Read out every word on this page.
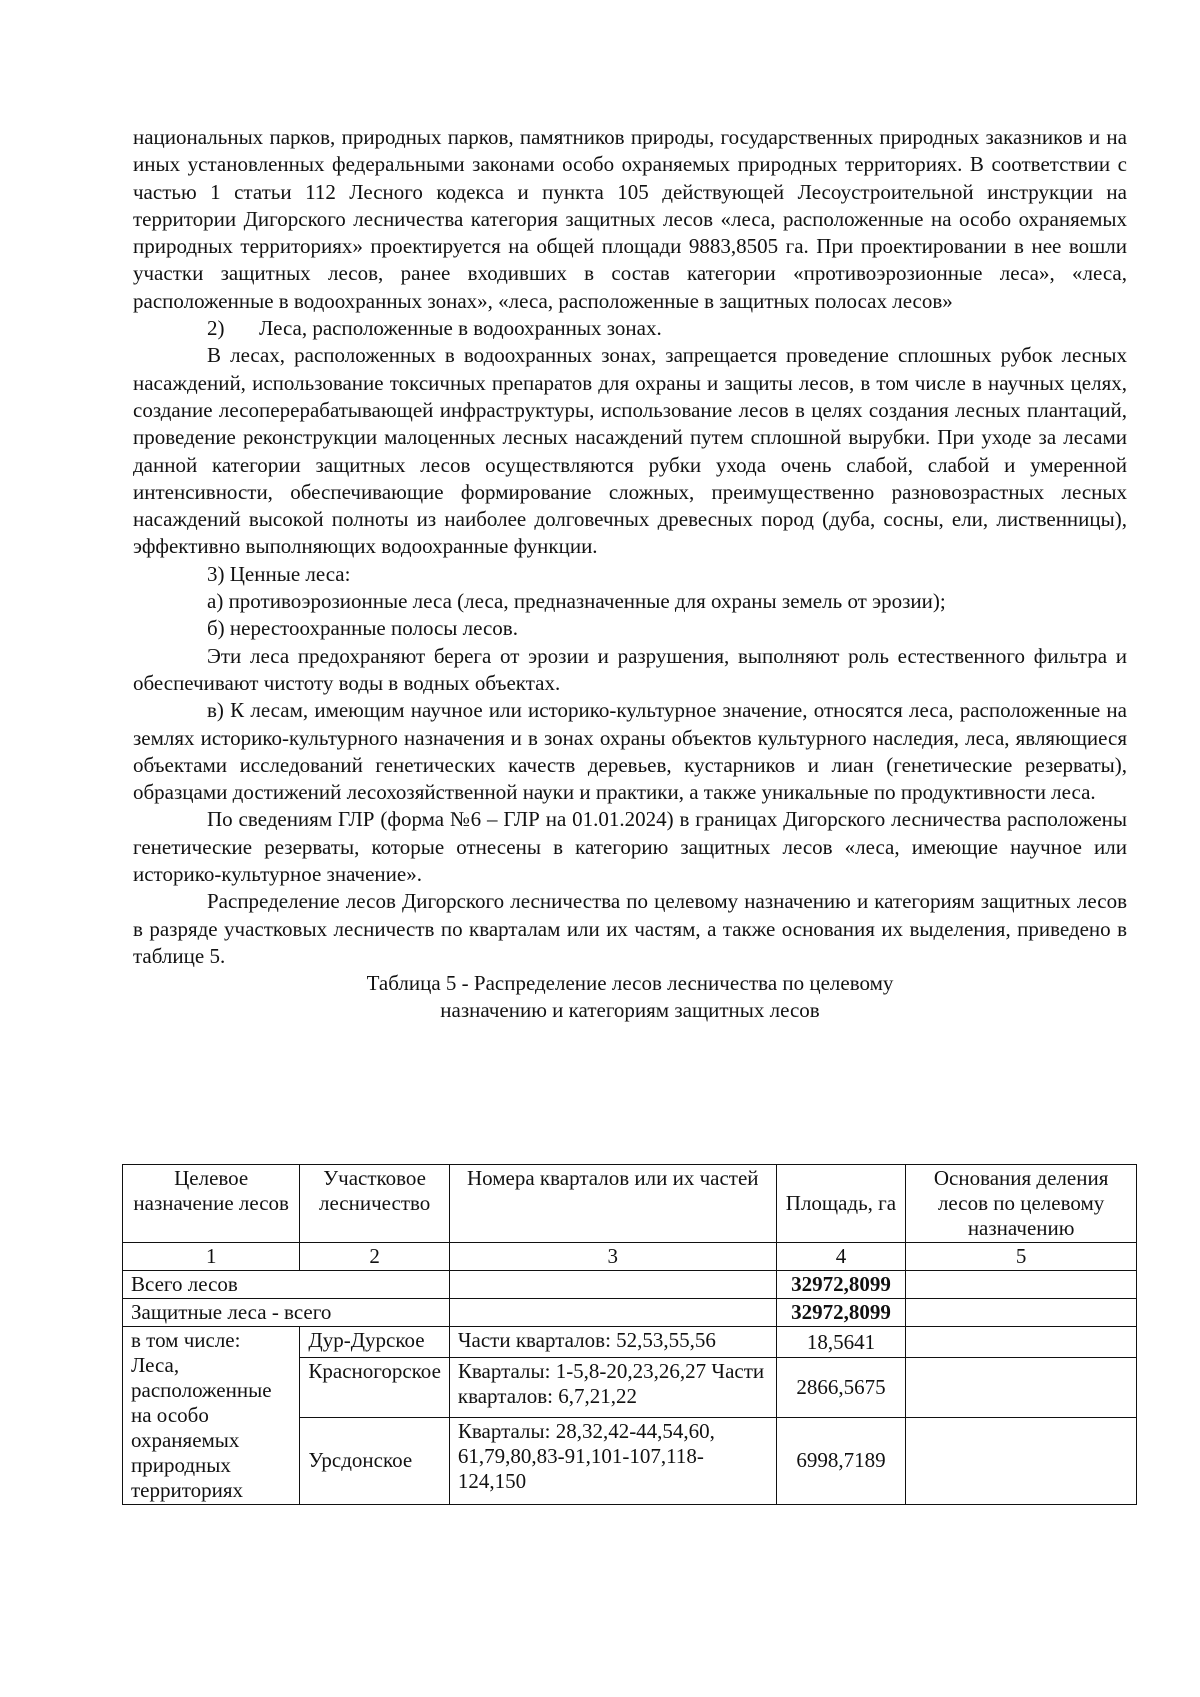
национальных парков, природных парков, памятников природы, государственных природных заказников и на иных установленных федеральными законами особо охраняемых природных территориях. В соответствии с частью 1 статьи 112 Лесного кодекса и пункта 105 действующей Лесоустроительной инструкции на территории Дигорского лесничества категория защитных лесов «леса, расположенные на особо охраняемых природных территориях» проектируется на общей площади 9883,8505 га. При проектировании в нее вошли участки защитных лесов, ранее входивших в состав категории «противоэрозионные леса», «леса, расположенные в водоохранных зонах», «леса, расположенные в защитных полосах лесов»

2) Леса, расположенные в водоохранных зонах.

В лесах, расположенных в водоохранных зонах, запрещается проведение сплошных рубок лесных насаждений, использование токсичных препаратов для охраны и защиты лесов, в том числе в научных целях, создание лесоперерабатывающей инфраструктуры, использование лесов в целях создания лесных плантаций, проведение реконструкции малоценных лесных насаждений путем сплошной вырубки. При уходе за лесами данной категории защитных лесов осуществляются рубки ухода очень слабой, слабой и умеренной интенсивности, обеспечивающие формирование сложных, преимущественно разновозрастных лесных насаждений высокой полноты из наиболее долговечных древесных пород (дуба, сосны, ели, лиственницы), эффективно выполняющих водоохранные функции.

3) Ценные леса:

а) противоэрозионные леса (леса, предназначенные для охраны земель от эрозии);

б) нерестоохранные полосы лесов.

Эти леса предохраняют берега от эрозии и разрушения, выполняют роль естественного фильтра и обеспечивают чистоту воды в водных объектах.

в) К лесам, имеющим научное или историко-культурное значение, относятся леса, расположенные на землях историко-культурного назначения и в зонах охраны объектов культурного наследия, леса, являющиеся объектами исследований генетических качеств деревьев, кустарников и лиан (генетические резерваты), образцами достижений лесохозяйственной науки и практики, а также уникальные по продуктивности леса.

По сведениям ГЛР (форма №6 – ГЛР на 01.01.2024) в границах Дигорского лесничества расположены генетические резерваты, которые отнесены в категорию защитных лесов «леса, имеющие научное или историко-культурное значение».

Распределение лесов Дигорского лесничества по целевому назначению и категориям защитных лесов в разряде участковых лесничеств по кварталам или их частям, а также основания их выделения, приведено в таблице 5.

Таблица 5 - Распределение лесов лесничества по целевому

назначению и категориям защитных лесов

Целевое назначение лесов	Участковое лесничество	Номера кварталов или их частей	Площадь, га	Основания деления лесов по целевому назначению
1	2	3	4	5
Всего лесов			32972,8099	
Защитные леса - всего			32972,8099	
в том числе: Леса, расположенные на особо охраняемых природных территориях	Дур-Дурское	Части кварталов: 52,53,55,56	18,5641	
	Красногорское	Кварталы: 1-5,8-20,23,26,27 Части кварталов: 6,7,21,22	2866,5675	
	Урсдонское	Кварталы: 28,32,42-44,54,60, 61,79,80,83-91,101-107,118-124,150	6998,7189	
